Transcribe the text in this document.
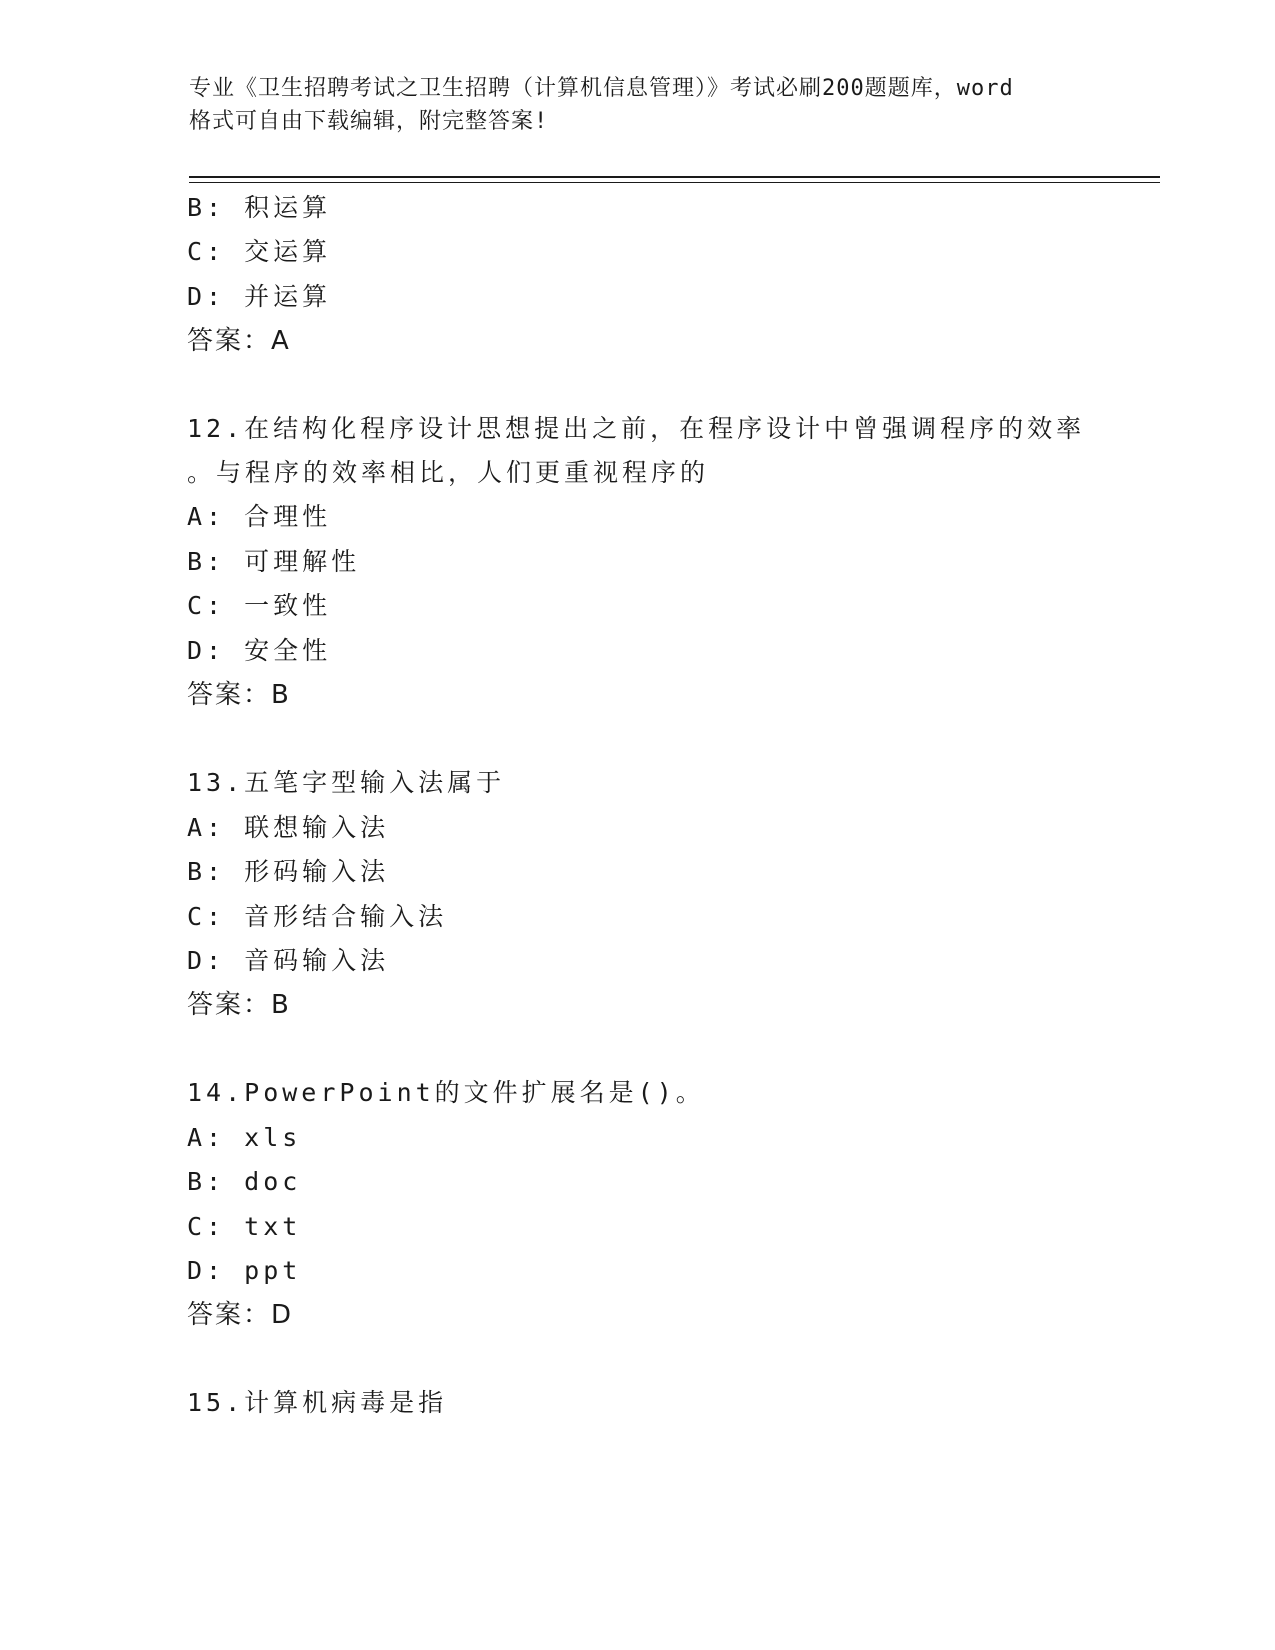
专业《卫生招聘考试之卫生招聘（计算机信息管理）》考试必刷200题题库，word
格式可自由下载编辑，附完整答案!
B: 积运算
C: 交运算
D: 并运算
答案：A
12.在结构化程序设计思想提出之前，在程序设计中曾强调程序的效率
。与程序的效率相比，人们更重视程序的
A: 合理性
B: 可理解性
C: 一致性
D: 安全性
答案：B
13.五笔字型输入法属于
A: 联想输入法
B: 形码输入法
C: 音形结合输入法
D: 音码输入法
答案：B
14.PowerPoint的文件扩展名是()。
A: xls
B: doc
C: txt
D: ppt
答案：D
15.计算机病毒是指
